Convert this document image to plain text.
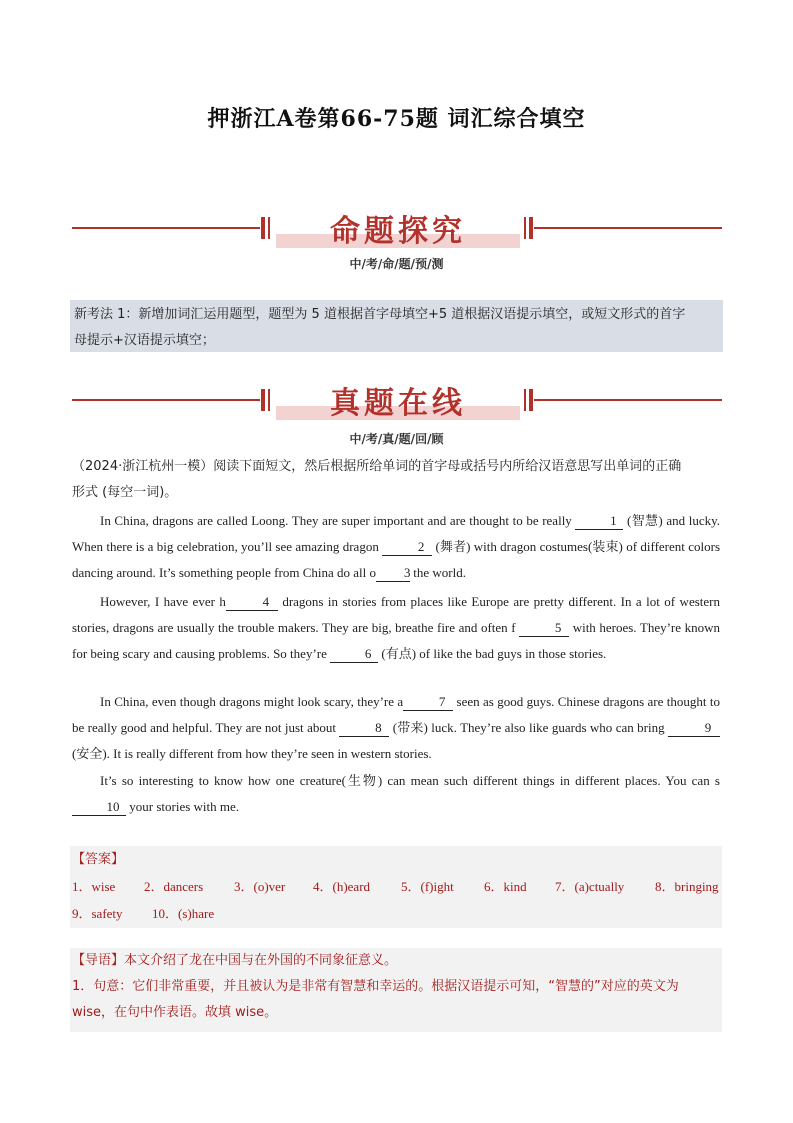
押浙江A卷第66-75题 词汇综合填空
命题探究
中/考/命/题/预/测
新考法 1：新增加词汇运用题型，题型为 5 道根据首字母填空+5 道根据汉语提示填空，或短文形式的首字
母提示+汉语提示填空；
真题在线
中/考/真/题/回/顾
（2024·浙江杭州一模）阅读下面短文，然后根据所给单词的首字母或括号内所给汉语意思写出单词的正确
形式 (每空一词)。
In China, dragons are called Loong. They are super important and are thought to be really	1 (智慧) and lucky. When there is a big celebration, you’ll see amazing dragon	2 (舞者) with dragon costumes(装束) of different colors dancing around. It’s something people from China do all o 3 the world.
However, I have ever h	4 dragons in stories from places like Europe are pretty different. In a lot of western stories, dragons are usually the trouble makers. They are big, breathe fire and often f	5 with heroes. They’re known for being scary and causing problems. So they’re	6 (有点) of like the bad guys in those stories.
In China, even though dragons might look scary, they’re a	7 seen as good guys. Chinese dragons are thought to be really good and helpful. They are not just about	8 (带来) luck. They’re also like guards who can bring	9 (安全). It is really different from how they’re seen in western stories.
It’s so interesting to know how one creature(生物) can mean such different things in different places. You can s10 your stories with me.
【答案】
1．wise 2．dancers 3．(o)ver 4．(h)eard 5．(f)ight 6．kind 7．(a)ctually 8．bringing
9．safety 10．(s)hare
【导语】本文介绍了龙在中国与在外国的不同象征意义。
1．句意：它们非常重要，并且被认为是非常有智慧和幸运的。根据汉语提示可知，“智慧的”对应的英文为
wise，在句中作表语。故填 wise。
